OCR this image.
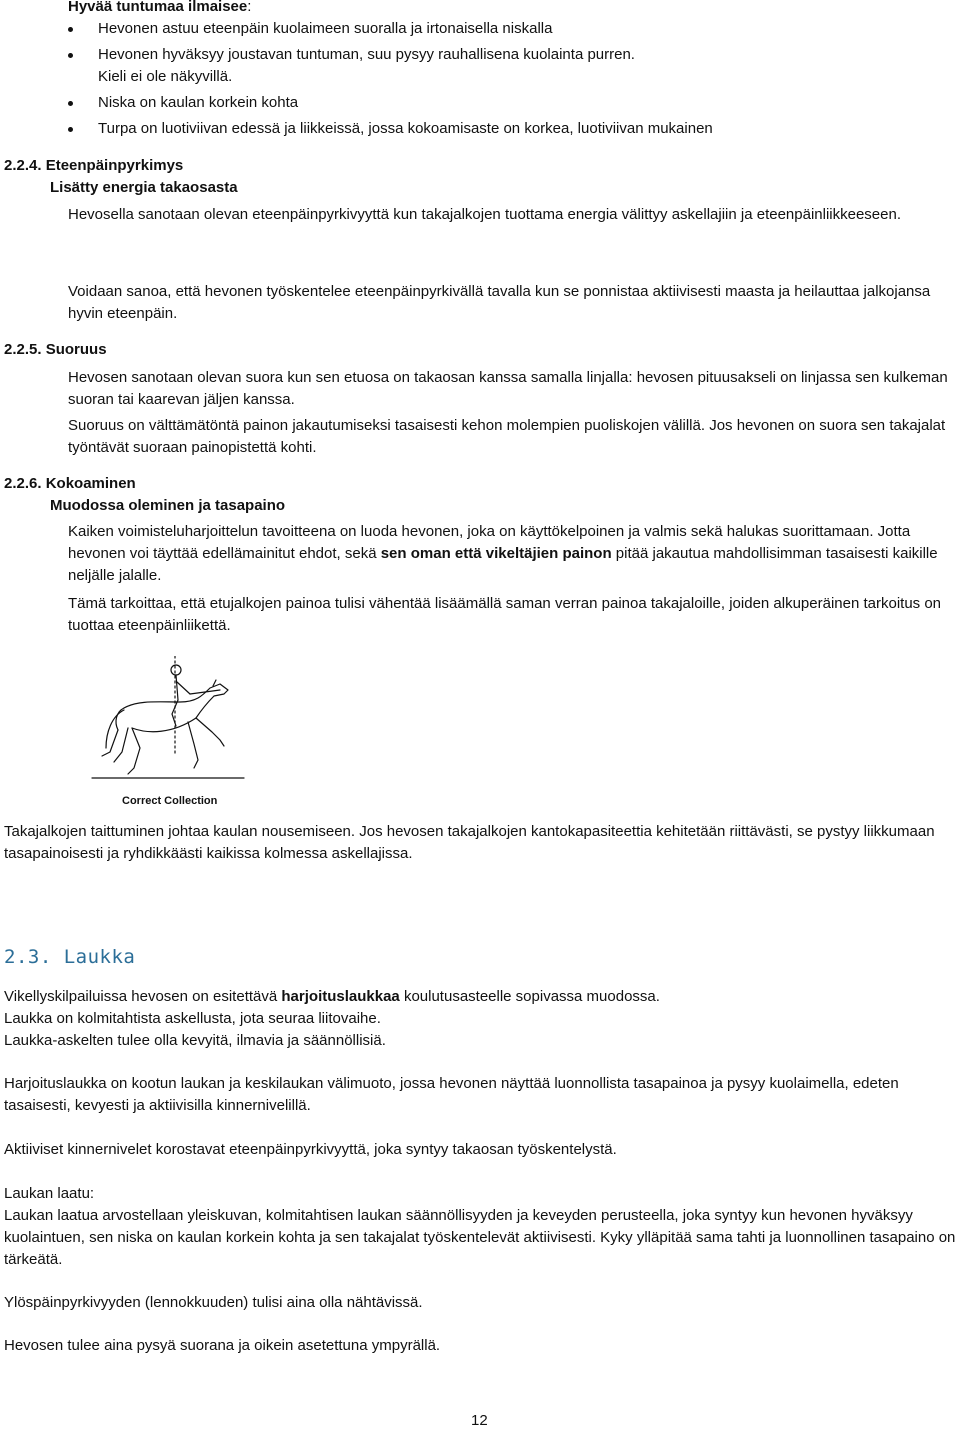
Hyvää tuntumaa ilmaisee:
Hevonen astuu eteenpäin kuolaimeen suoralla ja irtonaisella niskalla
Hevonen hyväksyy joustavan tuntuman, suu pysyy rauhallisena kuolainta purren. Kieli ei ole näkyvillä.
Niska on kaulan korkein kohta
Turpa on luotiviivan edessä ja liikkeissä, jossa kokoamisaste on korkea, luotiviivan mukainen
2.2.4. Eteenpäinpyrkimys
Lisätty energia takaosasta
Hevosella sanotaan olevan eteenpäinpyrkivyyttä kun takajalkojen tuottama energia välittyy askellajiin ja eteenpäinliikkeeseen.
Voidaan sanoa, että hevonen työskentelee eteenpäinpyrkivällä tavalla kun se ponnistaa aktiivisesti maasta ja heilauttaa jalkojansa hyvin eteenpäin.
2.2.5. Suoruus
Hevosen sanotaan olevan suora kun sen etuosa on takaosan kanssa samalla linjalla: hevosen pituusakseli on linjassa sen kulkeman suoran tai kaarevan jäljen kanssa.
Suoruus on välttämätöntä painon jakautumiseksi tasaisesti kehon molempien puoliskojen välillä. Jos hevonen on suora sen takajalat työntävät suoraan painopistettä kohti.
2.2.6. Kokoaminen
Muodossa oleminen ja tasapaino
Kaiken voimisteluharjoittelun tavoitteena on luoda hevonen, joka on käyttökelpoinen ja valmis sekä halukas suorittamaan. Jotta hevonen voi täyttää edellämainitut ehdot, sekä sen oman että vikeltäjien painon pitää jakautua mahdollisimman tasaisesti kaikille neljälle jalalle.
Tämä tarkoittaa, että etujalkojen painoa tulisi vähentää lisäämällä saman verran painoa takajaloille, joiden alkuperäinen tarkoitus on tuottaa eteenpäinliikettä.
Correct Collection
Takajalkojen taittuminen johtaa kaulan nousemiseen. Jos hevosen takajalkojen kantokapasiteettia kehitetään riittävästi, se pystyy liikkumaan tasapainoisesti ja ryhdikkäästi kaikissa kolmessa askellajissa.
2.3. Laukka
Vikellyskilpailuissa hevosen on esitettävä harjoituslaukkaa koulutusasteelle sopivassa muodossa.
Laukka on kolmitahtista askellusta, jota seuraa liitovaihe.
Laukka-askelten tulee olla kevyitä, ilmavia ja säännöllisiä.
Harjoituslaukka on kootun laukan ja keskilaukan välimuoto, jossa hevonen näyttää luonnollista tasapainoa ja pysyy kuolaimella, edeten tasaisesti, kevyesti ja aktiivisilla kinnernivelillä.
Aktiiviset kinnernivelet korostavat eteenpäinpyrkivyyttä, joka syntyy takaosan työskentelystä.
Laukan laatu:
Laukan laatua arvostellaan yleiskuvan, kolmitahtisen laukan säännöllisyyden ja keveyden perusteella, joka syntyy kun hevonen hyväksyy kuolaintuen, sen niska on kaulan korkein kohta ja sen takajalat työskentelevät aktiivisesti. Kyky ylläpitää sama tahti ja luonnollinen tasapaino on tärkeätä.
Ylöspäinpyrkivyyden (lennokkuuden) tulisi aina olla nähtävissä.
Hevosen tulee aina pysyä suorana ja oikein asetettuna ympyrällä.
12
